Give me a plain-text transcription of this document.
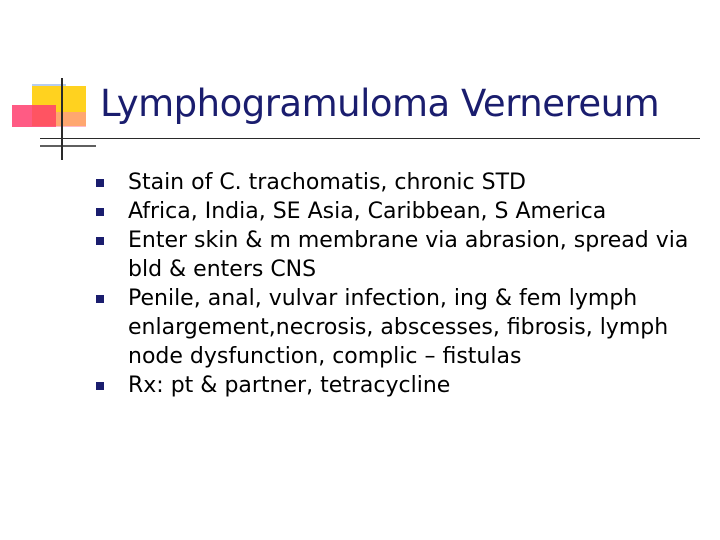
Lymphogramuloma Vernereum
Stain of C. trachomatis, chronic STD
Africa, India, SE Asia, Caribbean, S America
Enter skin & m membrane via abrasion, spread via bld & enters CNS
Penile, anal, vulvar infection, ing & fem lymph enlargement,necrosis, abscesses, fibrosis, lymph node dysfunction, complic – fistulas
Rx: pt & partner, tetracycline
